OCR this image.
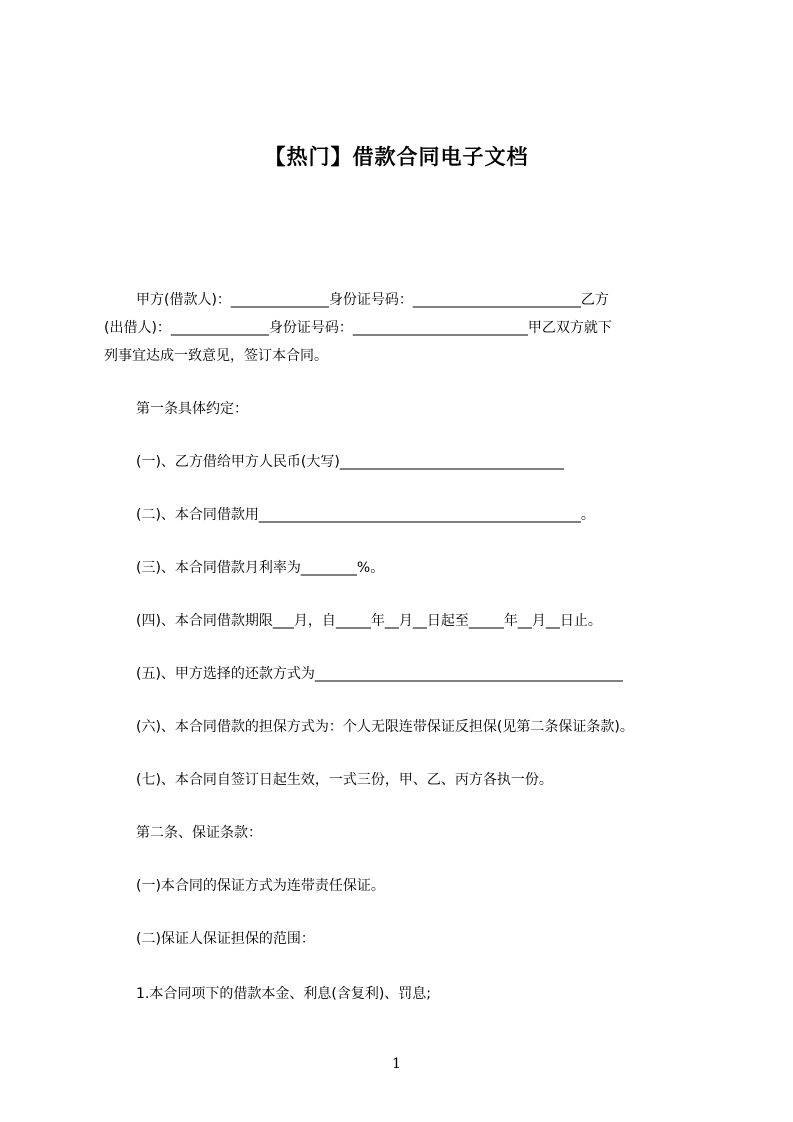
【热门】借款合同电子文档
甲方(借款人)：______________身份证号码：________________________乙方
(出借人)：______________身份证号码：_________________________甲乙双方就下
列事宜达成一致意见，签订本合同。
第一条具体约定：
(一)、乙方借给甲方人民币(大写)________________________________
(二)、本合同借款用______________________________________________。
(三)、本合同借款月利率为________%。
(四)、本合同借款期限___月，自_____年__月__日起至_____年__月__日止。
(五)、甲方选择的还款方式为____________________________________________
(六)、本合同借款的担保方式为：个人无限连带保证反担保(见第二条保证条款)。
(七)、本合同自签订日起生效，一式三份，甲、乙、丙方各执一份。
第二条、保证条款：
(一)本合同的保证方式为连带责任保证。
(二)保证人保证担保的范围：
1.本合同项下的借款本金、利息(含复利)、罚息;
1
